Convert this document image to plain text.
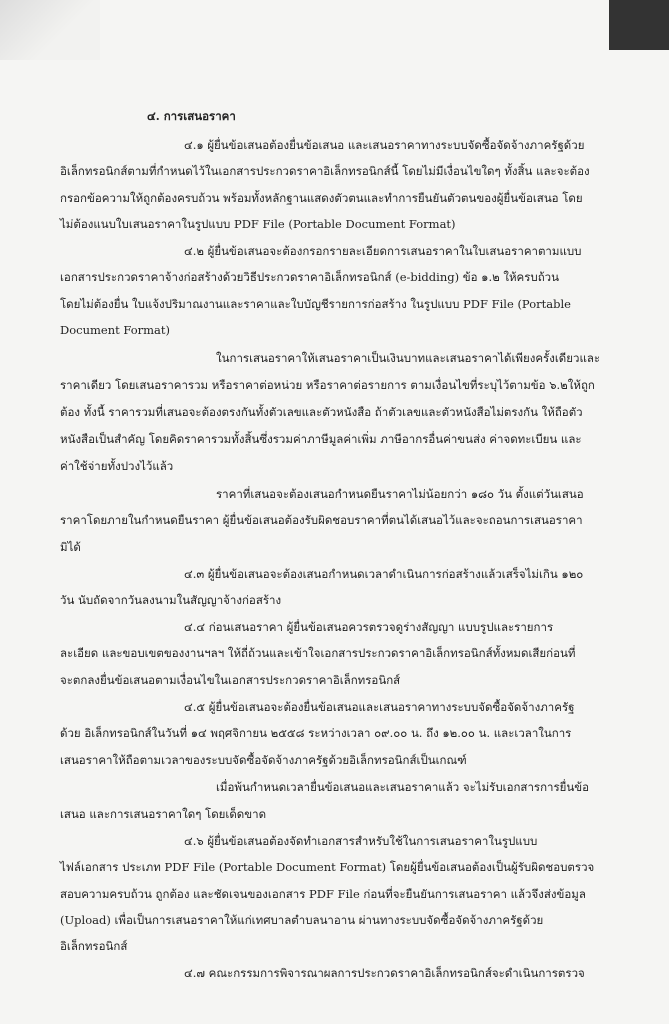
๔. การเสนอราคา
๔.๑ ผู้ยื่นข้อเสนอต้องยื่นข้อเสนอ และเสนอราคาทางระบบจัดซื้อจัดจ้างภาครัฐด้วย
อิเล็กทรอนิกส์ตามที่กำหนดไว้ในเอกสารประกวดราคาอิเล็กทรอนิกส์นี้ โดยไม่มีเงื่อนไขใดๆ ทั้งสิ้น และจะต้อง
กรอกข้อความให้ถูกต้องครบถ้วน พร้อมทั้งหลักฐานแสดงตัวตนและทำการยืนยันตัวตนของผู้ยื่นข้อเสนอ โดย
ไม่ต้องแนบใบเสนอราคาในรูปแบบ PDF File (Portable Document Format)
๔.๒ ผู้ยื่นข้อเสนอจะต้องกรอกรายละเอียดการเสนอราคาในใบเสนอราคาตามแบบ
เอกสารประกวดราคาจ้างก่อสร้างด้วยวิธีประกวดราคาอิเล็กทรอนิกส์ (e-bidding) ข้อ ๑.๒ ให้ครบถ้วน
โดยไม่ต้องยื่น ใบแจ้งปริมาณงานและราคาและใบบัญชีรายการก่อสร้าง ในรูปแบบ PDF File (Portable
Document Format)
ในการเสนอราคาให้เสนอราคาเป็นเงินบาทและเสนอราคาได้เพียงครั้งเดียวและ
ราคาเดียว โดยเสนอราคารวม หรือราคาต่อหน่วย หรือราคาต่อรายการ ตามเงื่อนไขที่ระบุไว้ตามข้อ ๖.๒ให้ถูก
ต้อง ทั้งนี้ ราคารวมที่เสนอจะต้องตรงกันทั้งตัวเลขและตัวหนังสือ ถ้าตัวเลขและตัวหนังสือไม่ตรงกัน ให้ถือตัว
หนังสือเป็นสำคัญ โดยคิดราคารวมทั้งสิ้นซึ่งรวมค่าภาษีมูลค่าเพิ่ม ภาษีอากรอื่นค่าขนส่ง ค่าจดทะเบียน และ
ค่าใช้จ่ายทั้งปวงไว้แล้ว
ราคาที่เสนอจะต้องเสนอกำหนดยืนราคาไม่น้อยกว่า ๑๘๐ วัน ตั้งแต่วันเสนอ
ราคาโดยภายในกำหนดยืนราคา ผู้ยื่นข้อเสนอต้องรับผิดชอบราคาที่ตนได้เสนอไว้และจะถอนการเสนอราคา
มิได้
๔.๓ ผู้ยื่นข้อเสนอจะต้องเสนอกำหนดเวลาดำเนินการก่อสร้างแล้วเสร็จไม่เกิน ๑๒๐
วัน นับถัดจากวันลงนามในสัญญาจ้างก่อสร้าง
๔.๔ ก่อนเสนอราคา ผู้ยื่นข้อเสนอควรตรวจดูร่างสัญญา แบบรูปและรายการ
ละเอียด และขอบเขตของงานฯลฯ ให้ถี่ถ้วนและเข้าใจเอกสารประกวดราคาอิเล็กทรอนิกส์ทั้งหมดเสียก่อนที่
จะตกลงยื่นข้อเสนอตามเงื่อนไขในเอกสารประกวดราคาอิเล็กทรอนิกส์
๔.๕ ผู้ยื่นข้อเสนอจะต้องยื่นข้อเสนอและเสนอราคาทางระบบจัดซื้อจัดจ้างภาครัฐ
ด้วย อิเล็กทรอนิกส์ในวันที่ ๑๔ พฤศจิกายน ๒๕๕๘ ระหว่างเวลา ๐๙.๐๐ น. ถึง ๑๒.๐๐ น. และเวลาในการ
เสนอราคาให้ถือตามเวลาของระบบจัดซื้อจัดจ้างภาครัฐด้วยอิเล็กทรอนิกส์เป็นเกณฑ์
เมื่อพ้นกำหนดเวลายื่นข้อเสนอและเสนอราคาแล้ว จะไม่รับเอกสารการยื่นข้อ
เสนอ และการเสนอราคาใดๆ โดยเด็ดขาด
๔.๖ ผู้ยื่นข้อเสนอต้องจัดทำเอกสารสำหรับใช้ในการเสนอราคาในรูปแบบ
ไฟล์เอกสาร ประเภท PDF File (Portable Document Format) โดยผู้ยื่นข้อเสนอต้องเป็นผู้รับผิดชอบตรวจ
สอบความครบถ้วน ถูกต้อง และชัดเจนของเอกสาร PDF File ก่อนที่จะยืนยันการเสนอราคา แล้วจึงส่งข้อมูล
(Upload) เพื่อเป็นการเสนอราคาให้แก่เทศบาลตำบลนาอาน ผ่านทางระบบจัดซื้อจัดจ้างภาครัฐด้วย
อิเล็กทรอนิกส์
๔.๗ คณะกรรมการพิจารณาผลการประกวดราคาอิเล็กทรอนิกส์จะดำเนินการตรวจ
